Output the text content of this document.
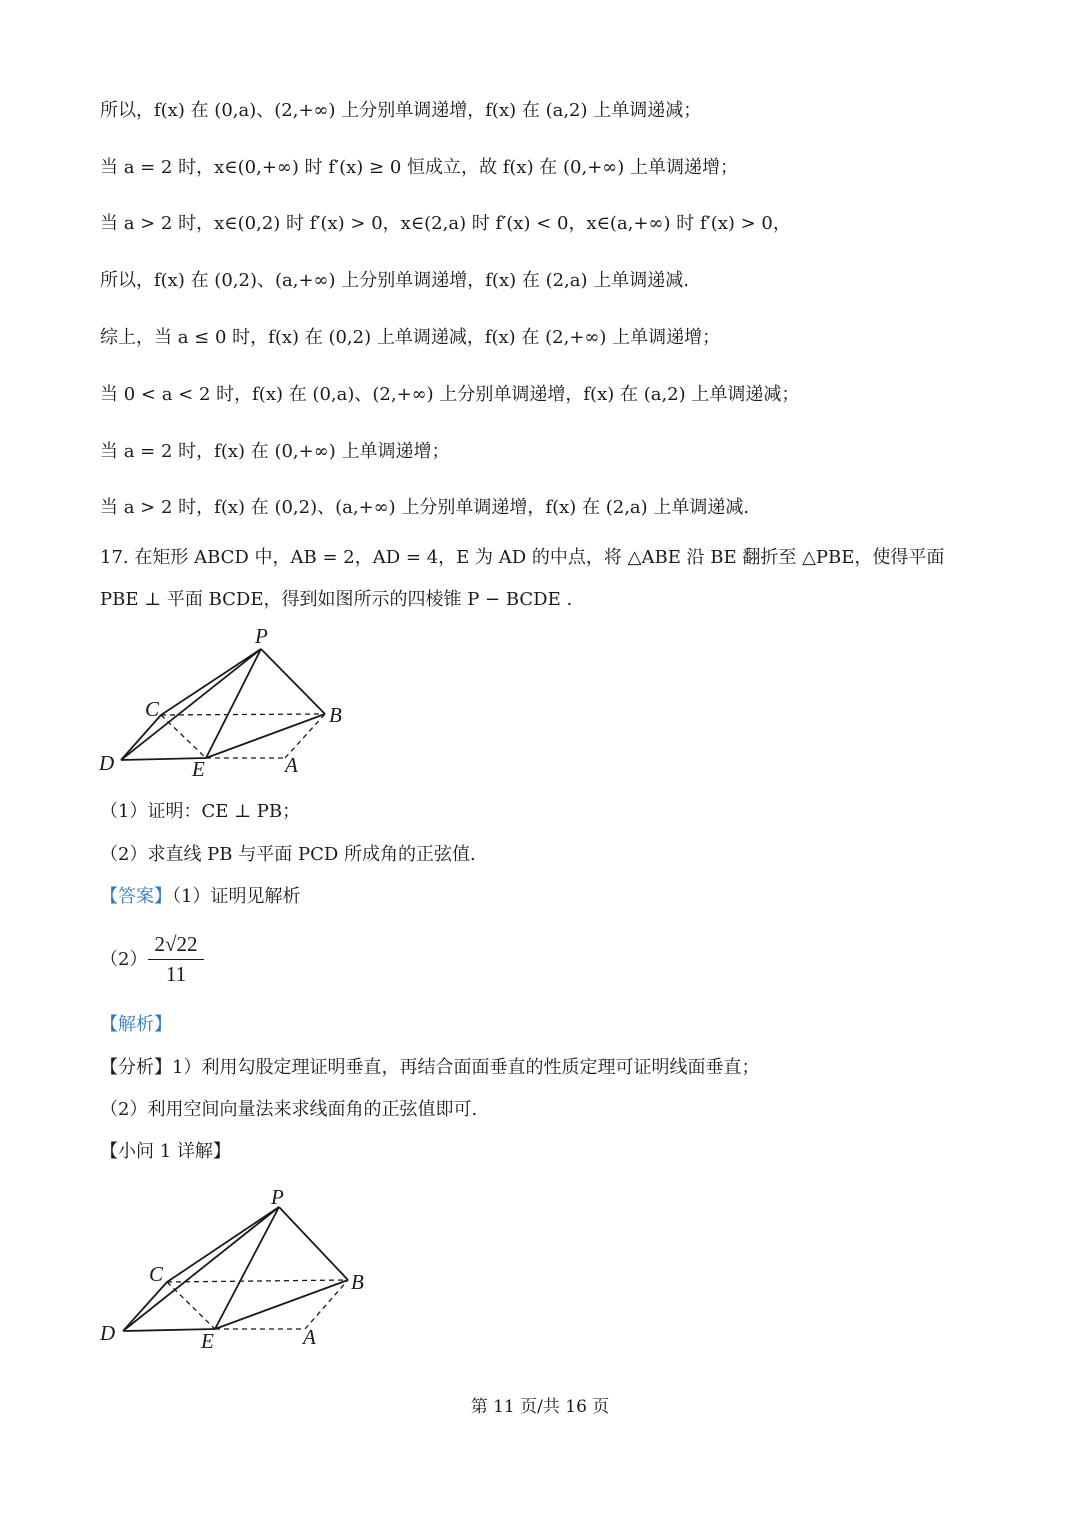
所以，f(x) 在 (0,a)、(2,+∞) 上分别单调递增，f(x) 在 (a,2) 上单调递减；
当 a = 2 时，x∈(0,+∞) 时 f′(x) ≥ 0 恒成立，故 f(x) 在 (0,+∞) 上单调递增；
当 a > 2 时，x∈(0,2) 时 f′(x) > 0，x∈(2,a) 时 f′(x) < 0，x∈(a,+∞) 时 f′(x) > 0，
所以，f(x) 在 (0,2)、(a,+∞) 上分别单调递增，f(x) 在 (2,a) 上单调递减.
综上，当 a ≤ 0 时，f(x) 在 (0,2) 上单调递减，f(x) 在 (2,+∞) 上单调递增；
当 0 < a < 2 时，f(x) 在 (0,a)、(2,+∞) 上分别单调递增，f(x) 在 (a,2) 上单调递减；
当 a = 2 时，f(x) 在 (0,+∞) 上单调递增；
当 a > 2 时，f(x) 在 (0,2)、(a,+∞) 上分别单调递增，f(x) 在 (2,a) 上单调递减.
17. 在矩形 ABCD 中，AB = 2，AD = 4，E 为 AD 的中点，将 △ABE 沿 BE 翻折至 △PBE，使得平面
PBE ⊥ 平面 BCDE，得到如图所示的四棱锥 P − BCDE .
P
C	B
D	E	A
（1）证明：CE ⊥ PB；
（2）求直线 PB 与平面 PCD 所成角的正弦值.
【答案】（1）证明见解析
$(2) \frac{2√22}{11}$
【解析】
【分析】1）利用勾股定理证明垂直，再结合面面垂直的性质定理可证明线面垂直；
（2）利用空间向量法来求线面角的正弦值即可.
【小问 1 详解】
P
C	B
D	E	A
第 11 页/共 16 页
